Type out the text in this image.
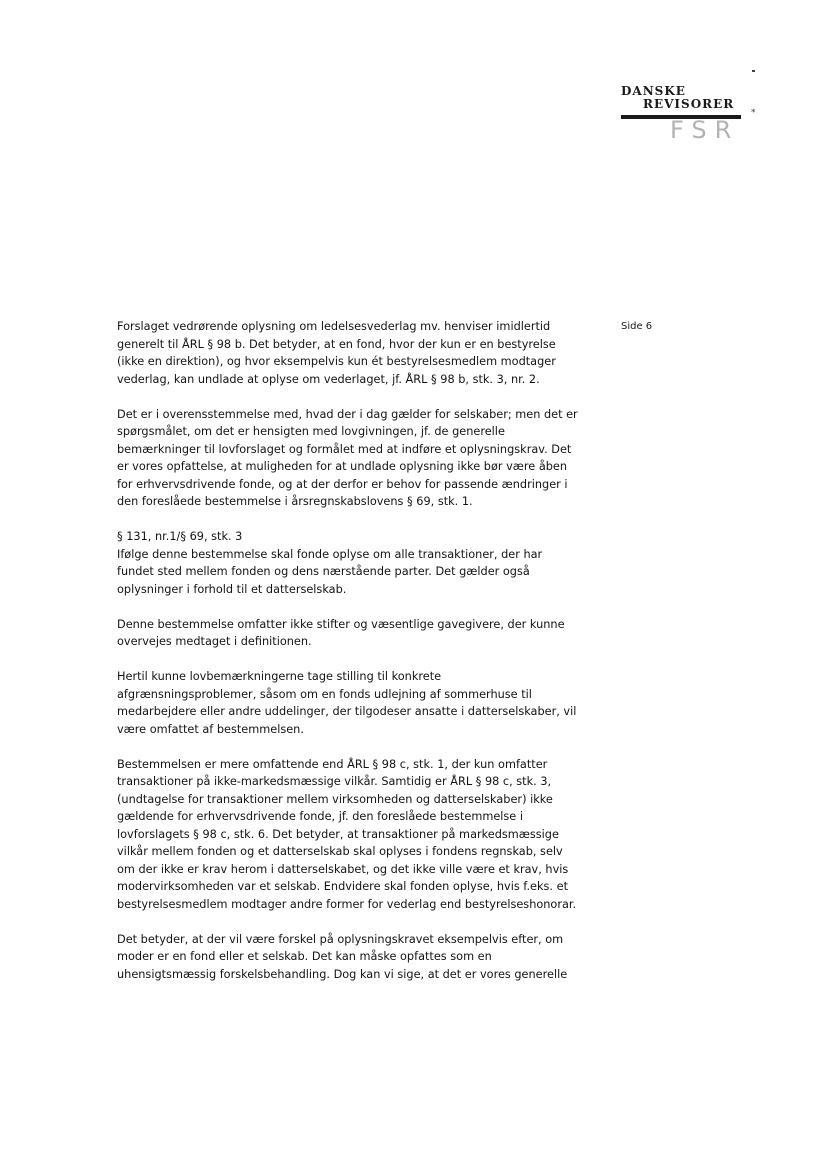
DANSKE
REVISORER
FSR
*
Side 6

Forslaget vedrørende oplysning om ledelsesvederlag mv. henviser imidlertid
generelt til ÅRL § 98 b. Det betyder, at en fond, hvor der kun er en bestyrelse
(ikke en direktion), og hvor eksempelvis kun ét bestyrelsesmedlem modtager
vederlag, kan undlade at oplyse om vederlaget, jf. ÅRL § 98 b, stk. 3, nr. 2.

Det er i overensstemmelse med, hvad der i dag gælder for selskaber; men det er
spørgsmålet, om det er hensigten med lovgivningen, jf. de generelle
bemærkninger til lovforslaget og formålet med at indføre et oplysningskrav. Det
er vores opfattelse, at muligheden for at undlade oplysning ikke bør være åben
for erhvervsdrivende fonde, og at der derfor er behov for passende ændringer i
den foreslåede bestemmelse i årsregnskabslovens § 69, stk. 1.

§ 131, nr.1/§ 69, stk. 3
Ifølge denne bestemmelse skal fonde oplyse om alle transaktioner, der har
fundet sted mellem fonden og dens nærstående parter. Det gælder også
oplysninger i forhold til et datterselskab.

Denne bestemmelse omfatter ikke stifter og væsentlige gavegivere, der kunne
overvejes medtaget i definitionen.

Hertil kunne lovbemærkningerne tage stilling til konkrete
afgrænsningsproblemer, såsom om en fonds udlejning af sommerhuse til
medarbejdere eller andre uddelinger, der tilgodeser ansatte i datterselskaber, vil
være omfattet af bestemmelsen.

Bestemmelsen er mere omfattende end ÅRL § 98 c, stk. 1, der kun omfatter
transaktioner på ikke-markedsmæssige vilkår. Samtidig er ÅRL § 98 c, stk. 3,
(undtagelse for transaktioner mellem virksomheden og datterselskaber) ikke
gældende for erhvervsdrivende fonde, jf. den foreslåede bestemmelse i
lovforslagets § 98 c, stk. 6. Det betyder, at transaktioner på markedsmæssige
vilkår mellem fonden og et datterselskab skal oplyses i fondens regnskab, selv
om der ikke er krav herom i datterselskabet, og det ikke ville være et krav, hvis
modervirksomheden var et selskab. Endvidere skal fonden oplyse, hvis f.eks. et
bestyrelsesmedlem modtager andre former for vederlag end bestyrelseshonorar.

Det betyder, at der vil være forskel på oplysningskravet eksempelvis efter, om
moder er en fond eller et selskab. Det kan måske opfattes som en
uhensigtsmæssig forskelsbehandling. Dog kan vi sige, at det er vores generelle
